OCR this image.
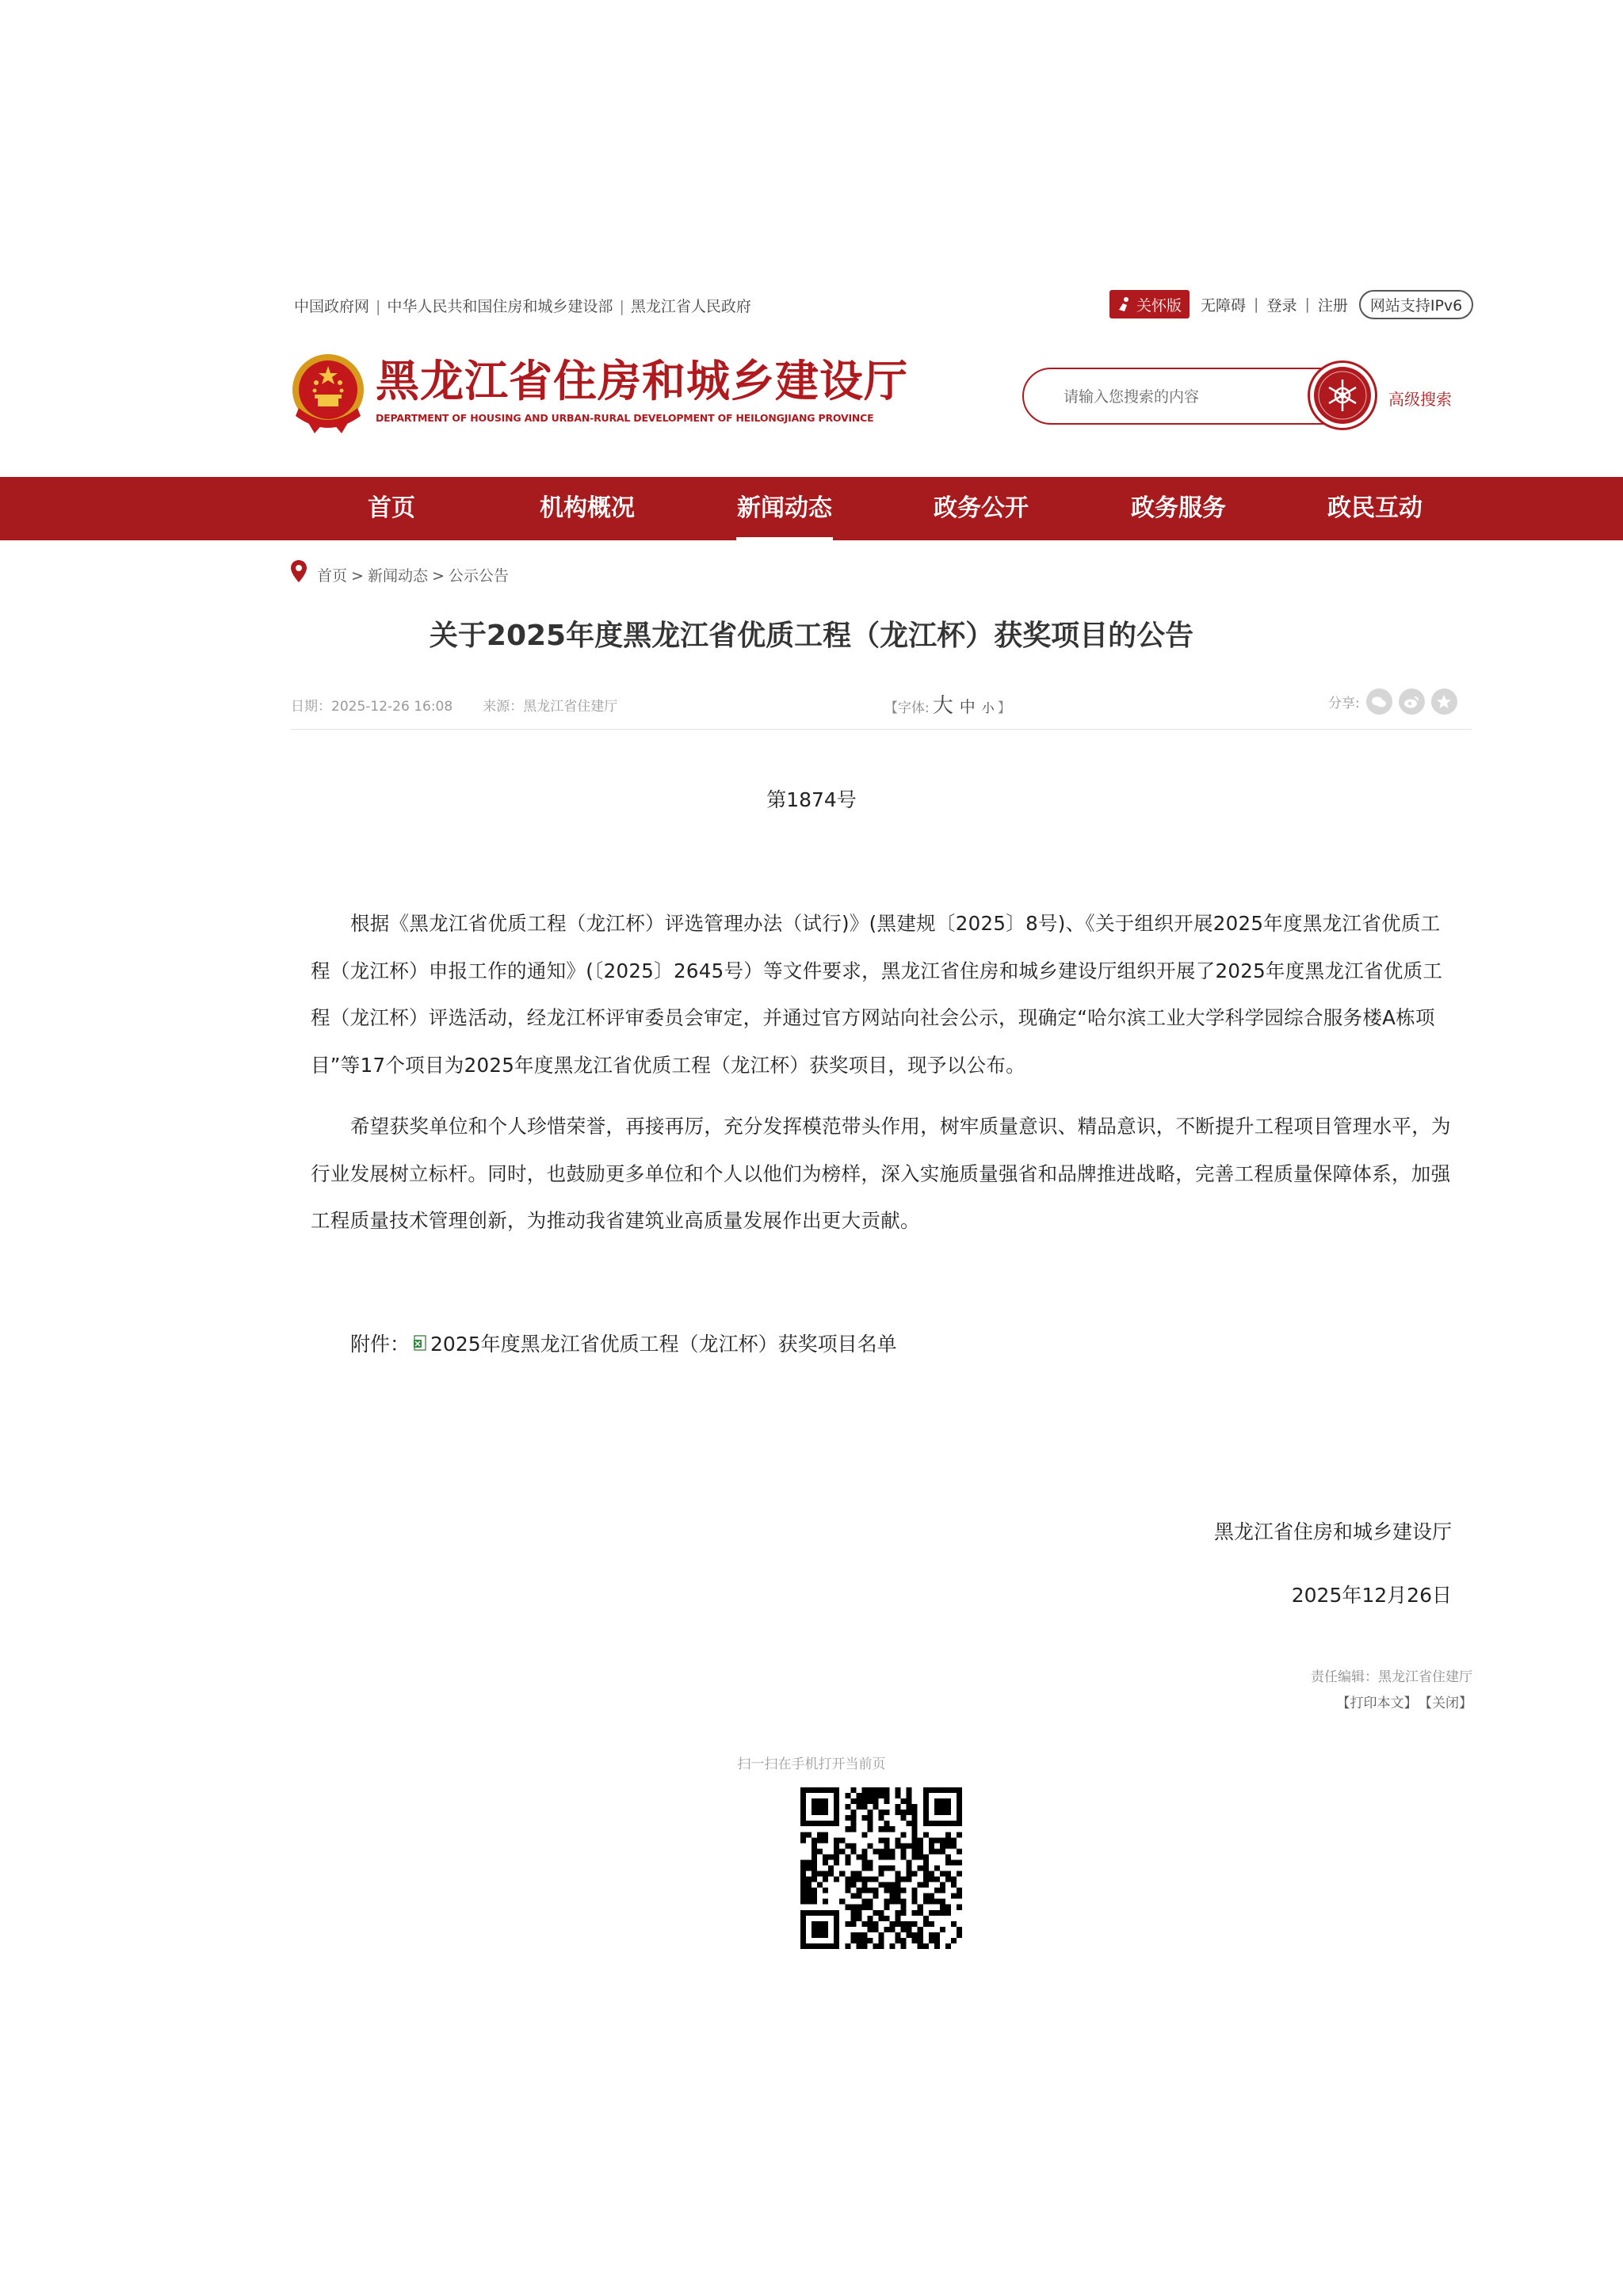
中国政府网 | 中华人民共和国住房和城乡建设部 | 黑龙江省人民政府	关怀版 无障碍 | 登录 | 注册	网站支持IPv6
黑龙江省住房和城乡建设厅
DEPARTMENT OF HOUSING AND URBAN-RURAL DEVELOPMENT OF HEILONGJIANG PROVINCE
请输入您搜索的内容
高级搜索
首页	机构概况	新闻动态	政务公开	政务服务	政民互动
首页 > 新闻动态 > 公示公告
关于2025年度黑龙江省优质工程（龙江杯）获奖项目的公告
日期：2025-12-26 16:08 来源：黑龙江省住建厅	【字体: 大 中 小 】	分享:
第1874号

根据《黑龙江省优质工程（龙江杯）评选管理办法（试行)》(黑建规〔2025〕8号)、《关于组织开展2025年度黑龙江省优质工程（龙江杯）申报工作的通知》(〔2025〕2645号）等文件要求，黑龙江省住房和城乡建设厅组织开展了2025年度黑龙江省优质工程（龙江杯）评选活动，经龙江杯评审委员会审定，并通过官方网站向社会公示，现确定“哈尔滨工业大学科学园综合服务楼A栋项目”等17个项目为2025年度黑龙江省优质工程（龙江杯）获奖项目，现予以公布。

希望获奖单位和个人珍惜荣誉，再接再厉，充分发挥模范带头作用，树牢质量意识、精品意识，不断提升工程项目管理水平，为行业发展树立标杆。同时，也鼓励更多单位和个人以他们为榜样，深入实施质量强省和品牌推进战略，完善工程质量保障体系，加强工程质量技术管理创新，为推动我省建筑业高质量发展作出更大贡献。

附件： 2025年度黑龙江省优质工程（龙江杯）获奖项目名单
黑龙江省住房和城乡建设厅
2025年12月26日
责任编辑：黑龙江省住建厅
【打印本文】 【关闭】
扫一扫在手机打开当前页
